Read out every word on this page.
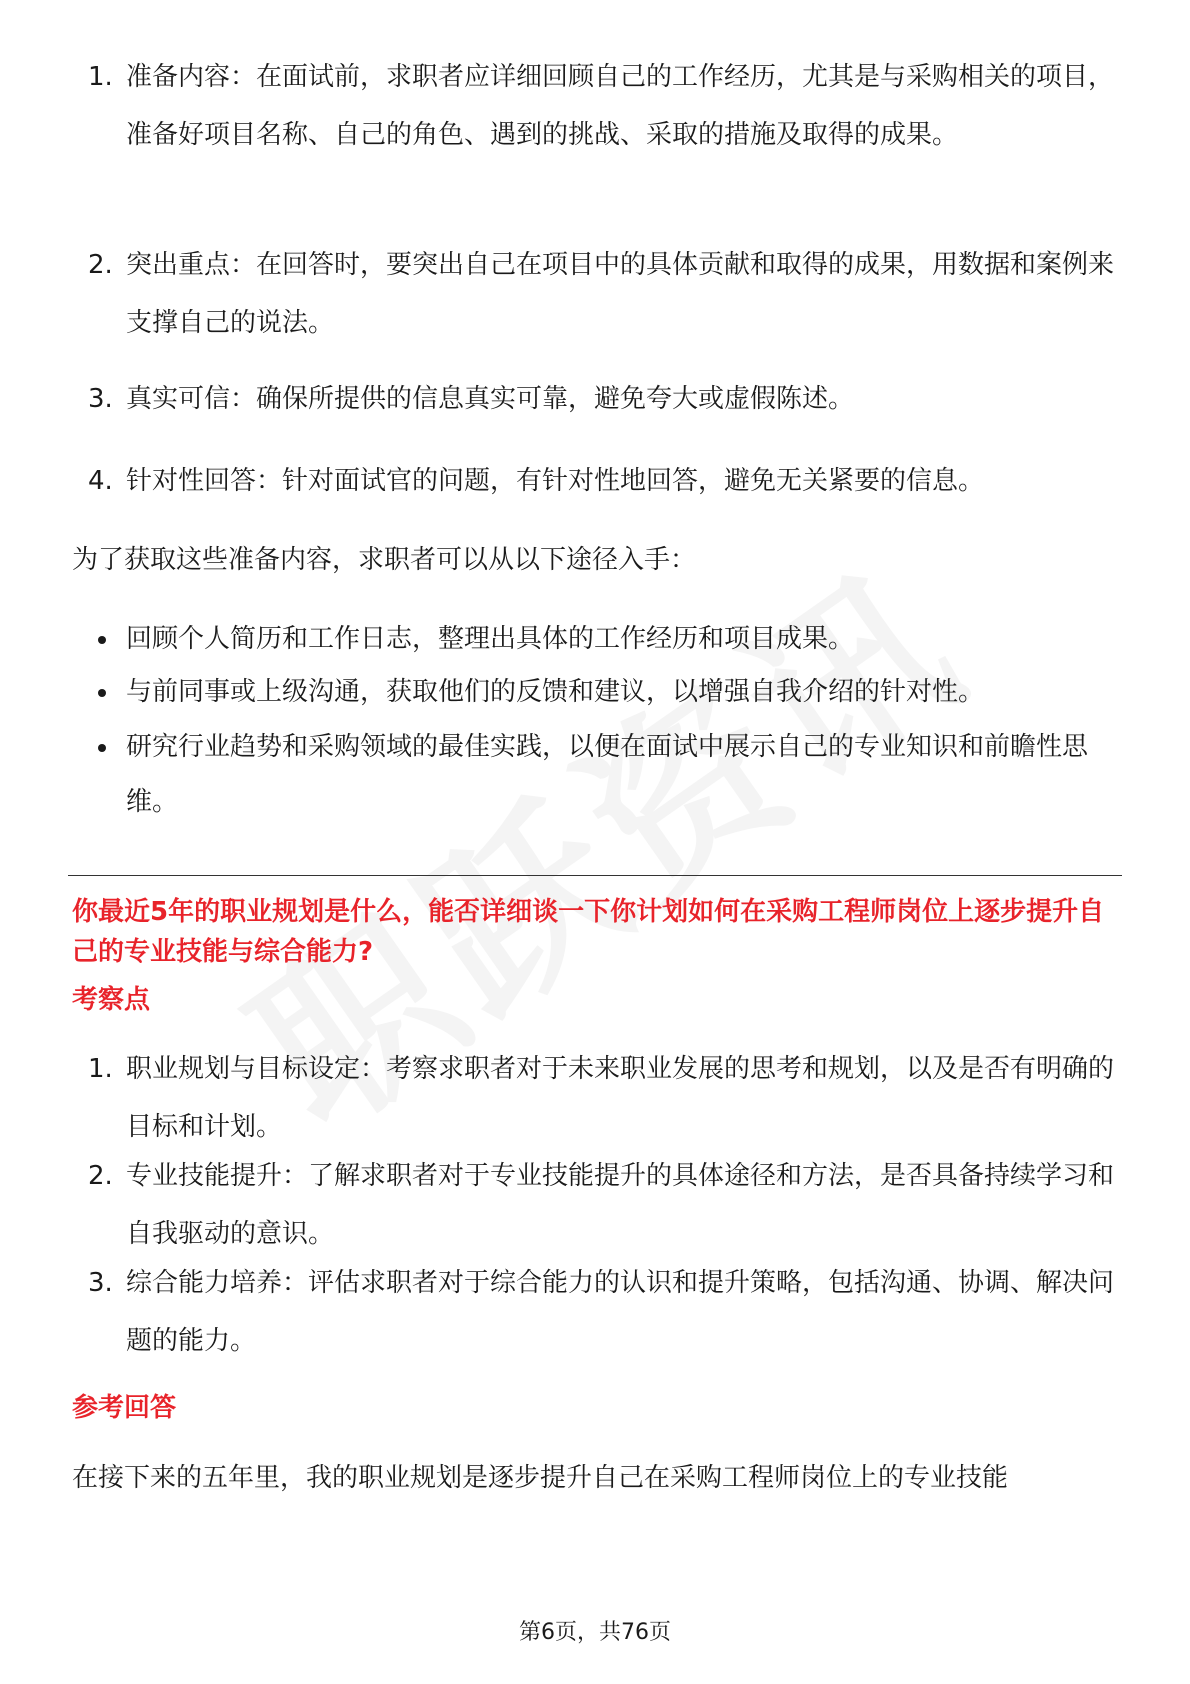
1. 准备内容：在面试前，求职者应详细回顾自己的工作经历，尤其是与采购相关的项目，准备好项目名称、自己的角色、遇到的挑战、采取的措施及取得的成果。
2. 突出重点：在回答时，要突出自己在项目中的具体贡献和取得的成果，用数据和案例来支撑自己的说法。
3. 真实可信：确保所提供的信息真实可靠，避免夸大或虚假陈述。
4. 针对性回答：针对面试官的问题，有针对性地回答，避免无关紧要的信息。
为了获取这些准备内容，求职者可以从以下途径入手：
回顾个人简历和工作日志，整理出具体的工作经历和项目成果。
与前同事或上级沟通，获取他们的反馈和建议，以增强自我介绍的针对性。
研究行业趋势和采购领域的最佳实践，以便在面试中展示自己的专业知识和前瞻性思维。
你最近5年的职业规划是什么，能否详细谈一下你计划如何在采购工程师岗位上逐步提升自己的专业技能与综合能力?
考察点
1. 职业规划与目标设定：考察求职者对于未来职业发展的思考和规划，以及是否有明确的目标和计划。
2. 专业技能提升：了解求职者对于专业技能提升的具体途径和方法，是否具备持续学习和自我驱动的意识。
3. 综合能力培养：评估求职者对于综合能力的认识和提升策略，包括沟通、协调、解决问题的能力。
参考回答
在接下来的五年里，我的职业规划是逐步提升自己在采购工程师岗位上的专业技能
第6页，共76页
